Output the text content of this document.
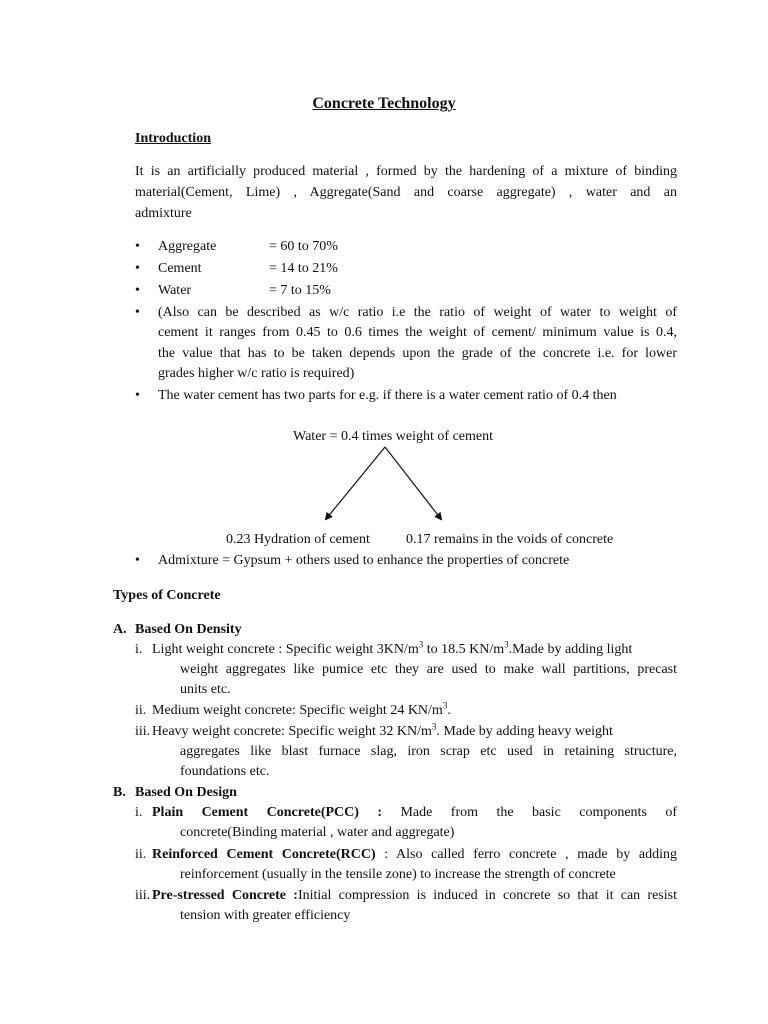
Concrete Technology
Introduction
It is an artificially produced material , formed by the hardening of a mixture of binding
material(Cement, Lime) , Aggregate(Sand and coarse aggregate) , water and an
admixture
• Aggregate	= 60 to 70%
• Cement	= 14 to 21%
• Water	= 7 to 15%
• (Also can be described as w/c ratio i.e the ratio of weight of water to weight of
cement it ranges from 0.45 to 0.6 times the weight of cement/ minimum value is 0.4,
the value that has to be taken depends upon the grade of the concrete i.e. for lower
grades higher w/c ratio is required)
• The water cement has two parts for e.g. if there is a water cement ratio of 0.4 then
Water = 0.4 times weight of cement
0.23 Hydration of cement	0.17 remains in the voids of concrete
• Admixture = Gypsum + others used to enhance the properties of concrete
Types of Concrete
A. Based On Density
i. Light weight concrete : Specific weight $3KN/m^3$ to 18.5 $KN/m^3.Made$ by adding light
weight aggregates like pumice etc they are used to make wall partitions, precast
units etc.
ii. Medium weight concrete: Specific weight 24 $KN/m^3$.
iii. Heavy weight concrete: Specific weight 32 $KN/m^3$. Made by adding heavy weight
aggregates like blast furnace slag, iron scrap etc used in retaining structure,
foundations etc.
B. Based On Design
i. Plain Cement Concrete(PCC) : Made from the basic components of
concrete(Binding material , water and aggregate)
ii. Reinforced Cement Concrete(RCC) : Also called ferro concrete , made by adding
reinforcement (usually in the tensile zone) to increase the strength of concrete
iii. Pre-stressed Concrete :Initial compression is induced in concrete so that it can resist
tension with greater efficiency
